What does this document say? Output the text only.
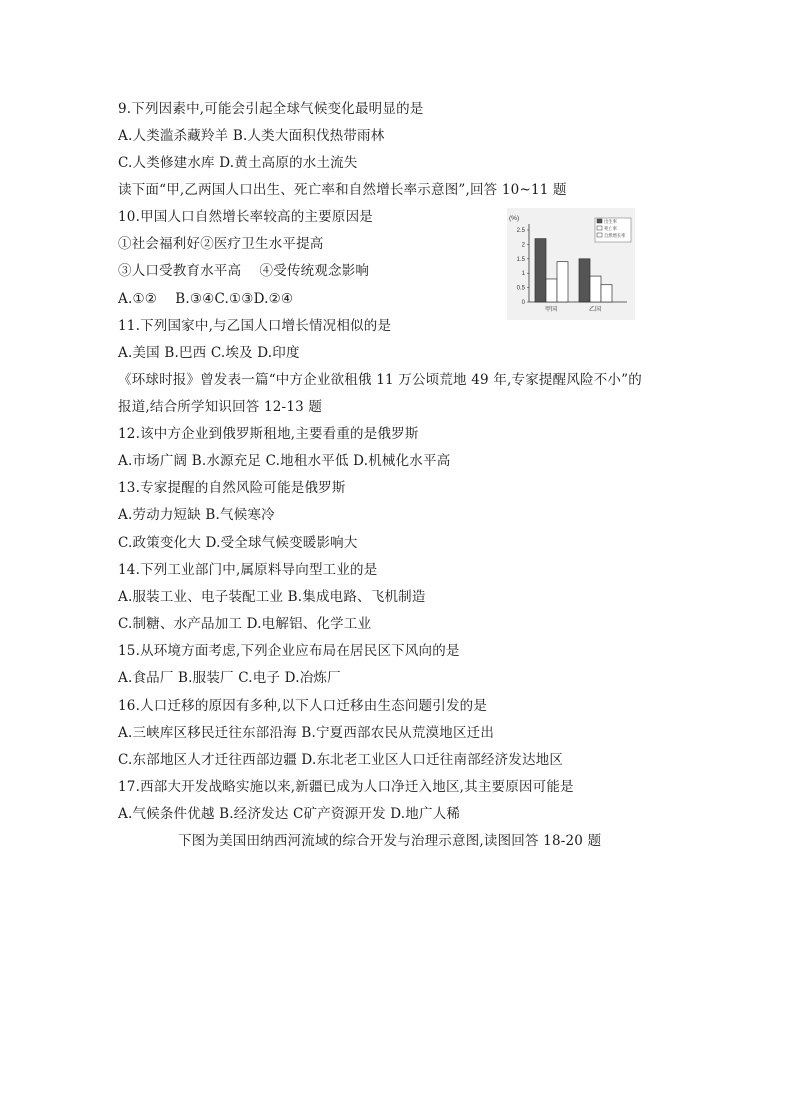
9.下列因素中,可能会引起全球气候变化最明显的是
A.人类滥杀藏羚羊 B.人类大面积伐热带雨林
C.人类修建水库 D.黄土高原的水土流失
读下面“甲,乙两国人口出生、死亡率和自然增长率示意图”,回答 10~11 题
10.甲国人口自然增长率较高的主要原因是
①社会福利好②医疗卫生水平提高
③人口受教育水平高　 ④受传统观念影响
A.①②　 B.③④C.①③D.②④
11.下列国家中,与乙国人口增长情况相似的是
A.美国 B.巴西 C.埃及 D.印度
《环球时报》曾发表一篇“中方企业欲租俄 11 万公顷荒地 49 年,专家提醒风险不小”的
报道,结合所学知识回答 12-13 题
12.该中方企业到俄罗斯租地,主要看重的是俄罗斯
A.市场广阔 B.水源充足 C.地租水平低 D.机械化水平高
13.专家提醒的自然风险可能是俄罗斯
A.劳动力短缺 B.气候寒冷
C.政策变化大 D.受全球气候变暖影响大
14.下列工业部门中,属原料导向型工业的是
A.服装工业、电子装配工业 B.集成电路、飞机制造
C.制糖、水产品加工 D.电解铝、化学工业
15.从环境方面考虑,下列企业应布局在居民区下风向的是
A.食品厂 B.服装厂 C.电子 D.冶炼厂
16.人口迁移的原因有多种,以下人口迁移由生态问题引发的是
A.三峡库区移民迁往东部沿海 B.宁夏西部农民从荒漠地区迁出
C.东部地区人才迁往西部边疆 D.东北老工业区人口迁往南部经济发达地区
17.西部大开发战略实施以来,新疆已成为人口净迁入地区,其主要原因可能是
A.气候条件优越 B.经济发达 C矿产资源开发 D.地广人稀
下图为美国田纳西河流域的综合开发与治理示意图,读图回答 18-20 题
(%)
2.5
2
1.5
1
0.5
0
甲国	乙国
出生率
死亡率
自然增长率
